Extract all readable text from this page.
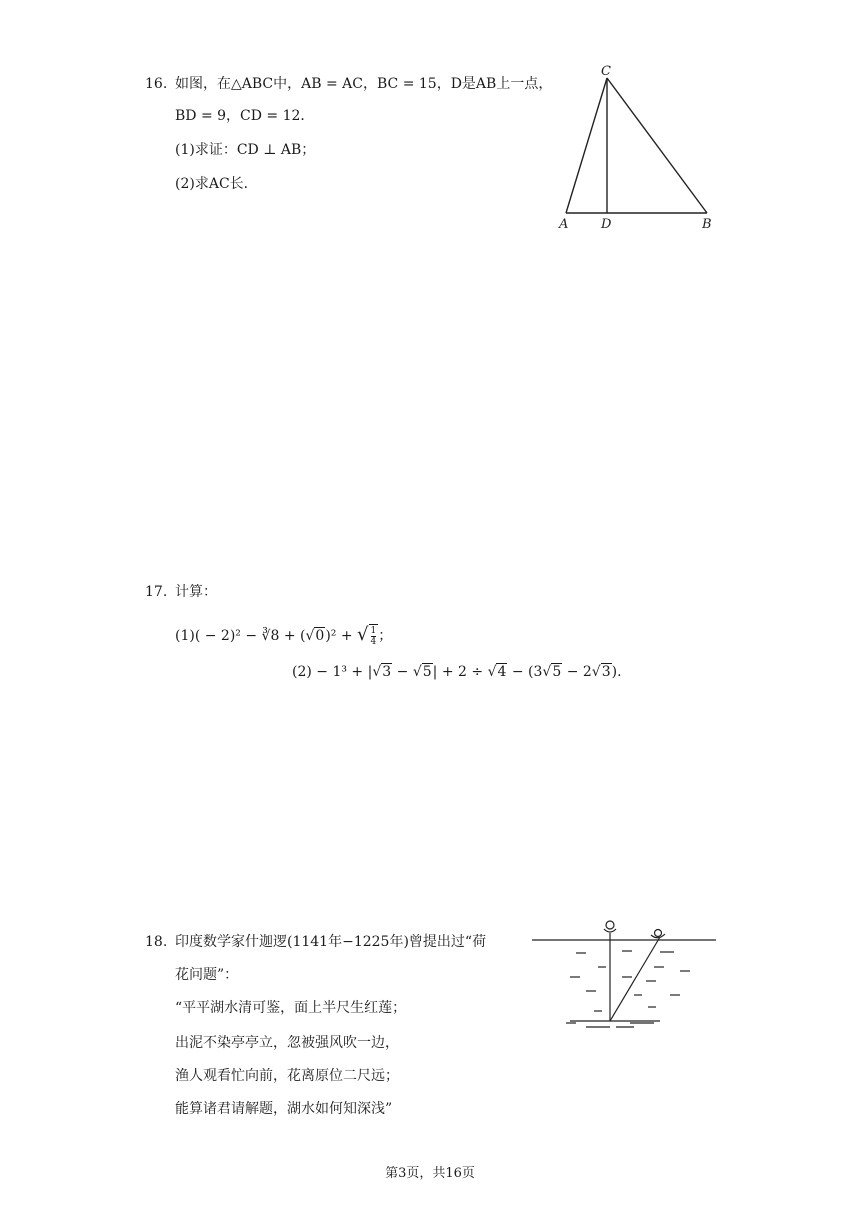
16. 如图，在△ABC中，AB = AC，BC = 15，D是AB上一点，
BD = 9，CD = 12．
(1)求证：CD ⊥ AB；
(2)求AC长．
C
A	D	B
17. 计算：
(1)( − 2)² − ∛8 + (√0)² + √ $\frac{1}{4}$ ；
(2) − 1³ + |√3 − √5| + 2 ÷ √4 − (3√5 − 2√3).
18. 印度数学家什迦逻(1141年−1225年)曾提出过“荷
花问题”：
“平平湖水清可鉴，面上半尺生红莲；
出泥不染亭亭立，忽被强风吹一边，
渔人观看忙向前，花离原位二尺远；
能算诸君请解题，湖水如何知深浅”
第3页，共16页
